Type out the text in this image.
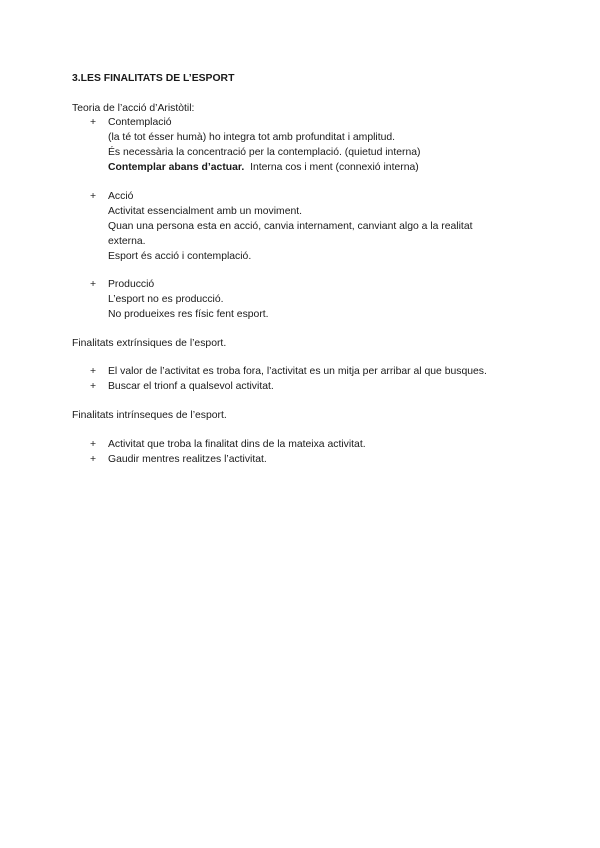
3.LES FINALITATS DE L’ESPORT
Teoria de l’acció d’Aristòtil:
+	Contemplació
(la té tot ésser humà) ho integra tot amb profunditat i amplitud.
És necessària la concentració per la contemplació. (quietud interna)
Contemplar abans d’actuar. Interna cos i ment (connexió interna)
+	Acció
Activitat essencialment amb un moviment.
Quan una persona esta en acció, canvia internament, canviant algo a la realitat
externa.
Esport és acció i contemplació.
+	Producció
L’esport no es producció.
No produeixes res físic fent esport.
Finalitats extrínsiques de l’esport.
+	El valor de l’activitat es troba fora, l’activitat es un mitja per arribar al que busques.
+	Buscar el trionf a qualsevol activitat.
Finalitats intrínseques de l’esport.
+	Activitat que troba la finalitat dins de la mateixa activitat.
+	Gaudir mentres realitzes l’activitat.
